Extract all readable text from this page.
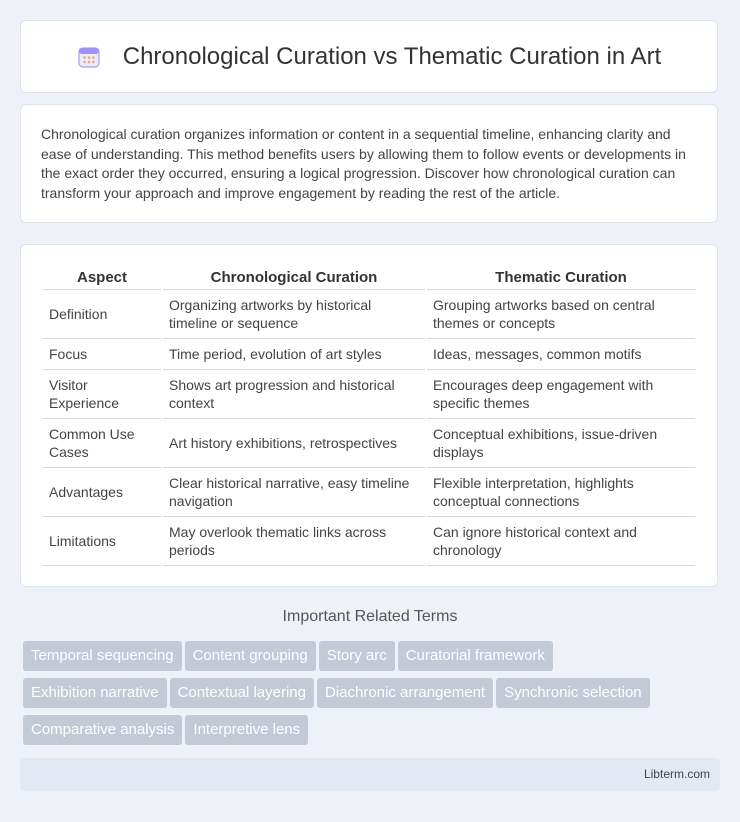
Chronological Curation vs Thematic Curation in Art

Chronological curation organizes information or content in a sequential timeline, enhancing clarity and ease of understanding. This method benefits users by allowing them to follow events or developments in the exact order they occurred, ensuring a logical progression. Discover how chronological curation can transform your approach and improve engagement by reading the rest of the article.

Aspect	Chronological Curation	Thematic Curation
Definition	Organizing artworks by historical timeline or sequence	Grouping artworks based on central themes or concepts
Focus	Time period, evolution of art styles	Ideas, messages, common motifs
Visitor Experience	Shows art progression and historical context	Encourages deep engagement with specific themes
Common Use Cases	Art history exhibitions, retrospectives	Conceptual exhibitions, issue-driven displays
Advantages	Clear historical narrative, easy timeline navigation	Flexible interpretation, highlights conceptual connections
Limitations	May overlook thematic links across periods	Can ignore historical context and chronology
Important Related Terms
Temporal sequencing Content grouping Story arc Curatorial framework
Exhibition narrative Contextual layering Diachronic arrangement Synchronic selection
Comparative analysis Interpretive lens
Libterm.com
